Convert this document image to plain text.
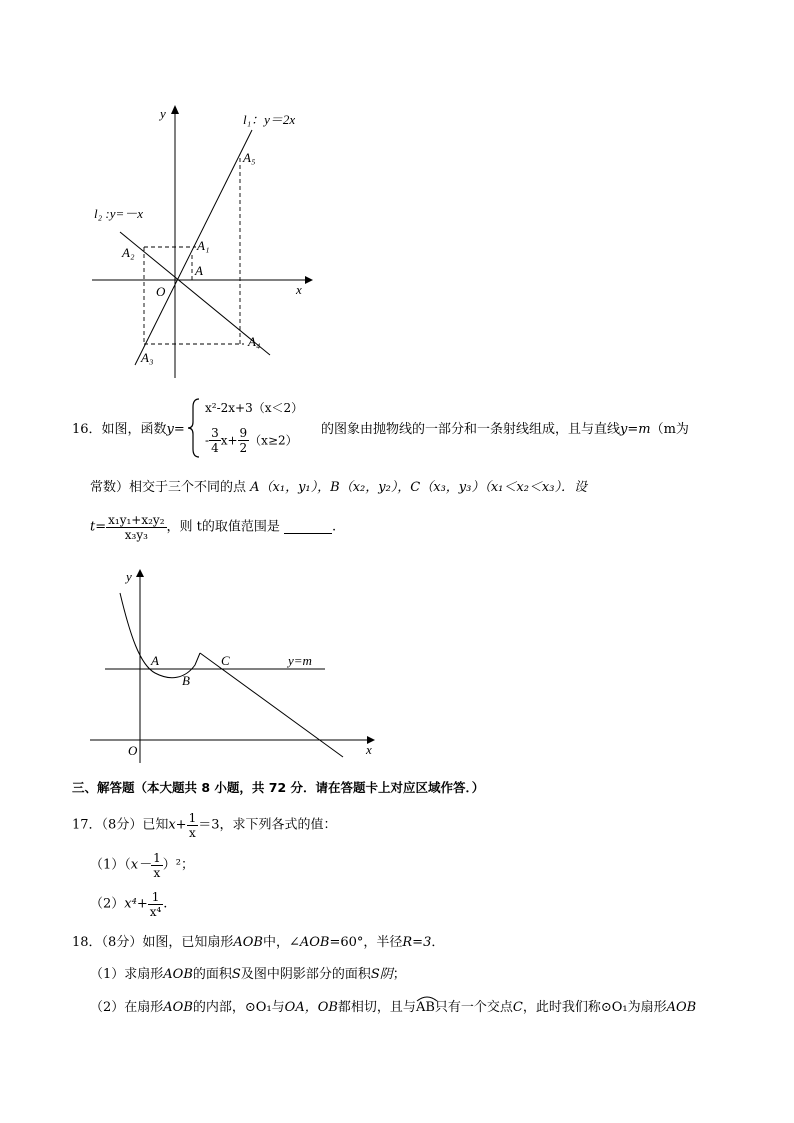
l₁：y＝2x
l₂ :y=－x
y
x
O
A
A₁
A₂
A₃
A₄
A₅
16．如图，函数y=
x²-2x+3（x＜2）
- $\frac{3}{4} x+ \frac{9}{2} (x\ge 2)$
的图象由抛物线的一部分和一条射线组成，且与直线y=m（m为
常数）相交于三个不同的点 A（x₁，y₁），B（x₂，y₂），C（x₃，y₃）（x₁＜x₂＜x₃）．设
$t= \frac{\text{x₁y₁+x₂y₂}}{\text{x₃y₃}}$ ，则 t的取值范围是	.
y
x
O
A
B
C	y=m
三、解答题（本大题共 8 小题，共 72 分．请在答题卡上对应区域作答．）
17．（8分）已知$x+ \frac{1}{x} =3$，求下列各式的值：
$(1)(x- \frac{1}{x} )^2$；
$(2)x^4+ \frac{1}{\text{x⁴}}$ .
18．（8分）如图，已知扇形AOB中，∠AOB=60°，半径R=3．
（1）求扇形AOB的面积S及图中阴影部分的面积S阴；
（2）在扇形AOB的内部，⊙O₁与OA，OB都相切，且与
AB只有一个交点C，此时我们称⊙O₁为扇形AOB
